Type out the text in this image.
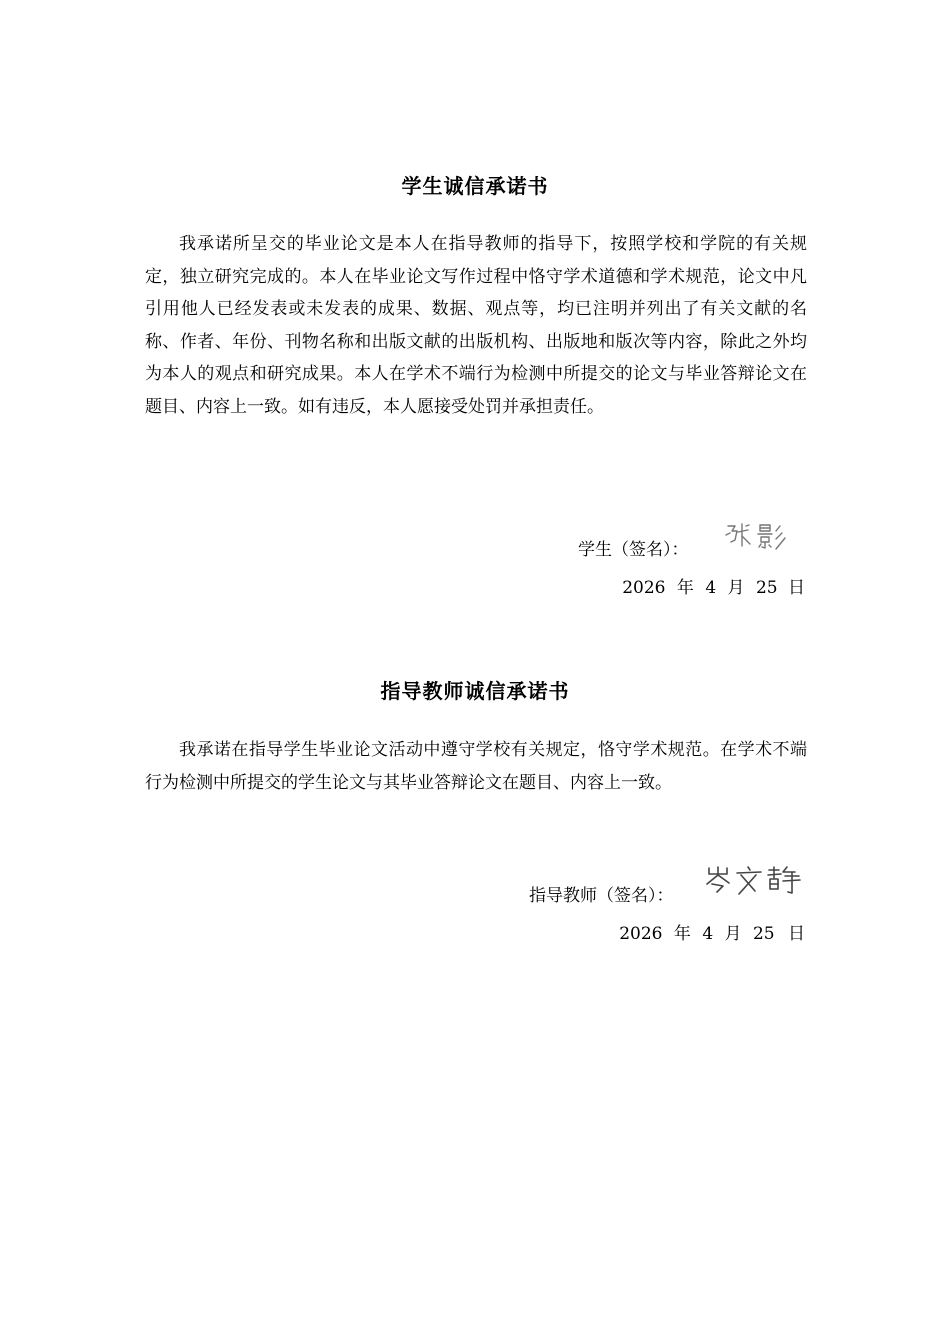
学生诚信承诺书

我承诺所呈交的毕业论文是本人在指导教师的指导下，按照学校和学院的有关规定，独立研究完成的。本人在毕业论文写作过程中恪守学术道德和学术规范，论文中凡引用他人已经发表或未发表的成果、数据、观点等，均已注明并列出了有关文献的名称、作者、年份、刊物名称和出版文献的出版机构、出版地和版次等内容，除此之外均为本人的观点和研究成果。本人在学术不端行为检测中所提交的论文与毕业答辩论文在题目、内容上一致。如有违反，本人愿接受处罚并承担责任。

学生（签名）：
2026 年 4 月 25 日
指导教师诚信承诺书

我承诺在指导学生毕业论文活动中遵守学校有关规定，恪守学术规范。在学术不端行为检测中所提交的学生论文与其毕业答辩论文在题目、内容上一致。

指导教师（签名）：
2026 年 4 月 25 日
